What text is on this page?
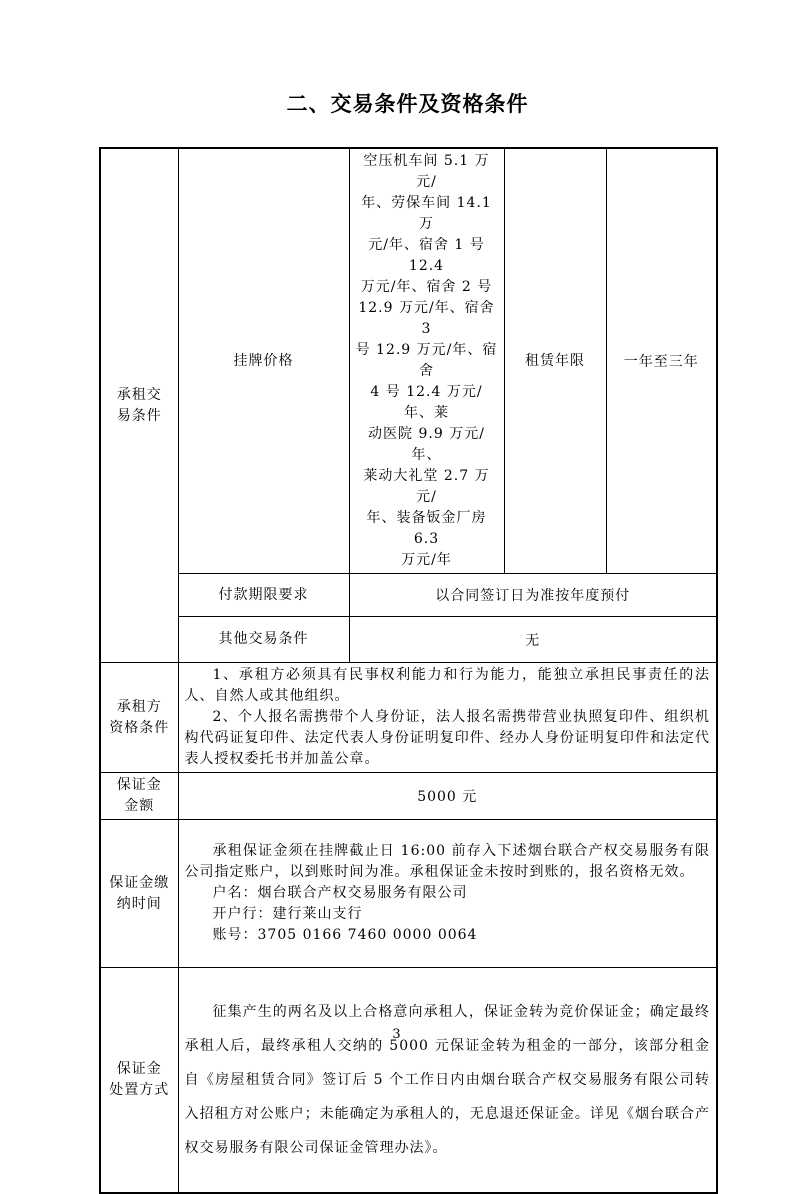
二、交易条件及资格条件
承租交
易条件	挂牌价格	空压机车间 5.1 万元/
年、劳保车间 14.1 万
元/年、宿舍 1 号 12.4
万元/年、宿舍 2 号
12.9 万元/年、宿舍 3
号 12.9 万元/年、宿舍
4 号 12.4 万元/年、莱
动医院 9.9 万元/年、
莱动大礼堂 2.7 万元/
年、装备钣金厂房 6.3
万元/年	租赁年限	一年至三年
	付款期限要求	以合同签订日为准按年度预付		
	其他交易条件	无		
承租方
资格条件	

1、承租方必须具有民事权利能力和行为能力，能独立承担民事责任的法人、自然人或其他组织。

2、个人报名需携带个人身份证，法人报名需携带营业执照复印件、组织机构代码证复印件、法定代表人身份证明复印件、经办人身份证明复印件和法定代表人授权委托书并加盖公章。

保证金
金额	5000 元			
保证金缴
纳时间	

承租保证金须在挂牌截止日 16:00 前存入下述烟台联合产权交易服务有限公司指定账户，以到账时间为准。承租保证金未按时到账的，报名资格无效。

户名：烟台联合产权交易服务有限公司

开户行：建行莱山支行

账号：3705 0166 7460 0000 0064

保证金
处置方式	征集产生的两名及以上合格意向承租人，保证金转为竞价保证金；确定最终承租人后，最终承租人交纳的 5000 元保证金转为租金的一部分，该部分租金自《房屋租赁合同》签订后 5 个工作日内由烟台联合产权交易服务有限公司转入招租方对公账户；未能确定为承租人的，无息退还保证金。详见《烟台联合产权交易服务有限公司保证金管理办法》。			

3
